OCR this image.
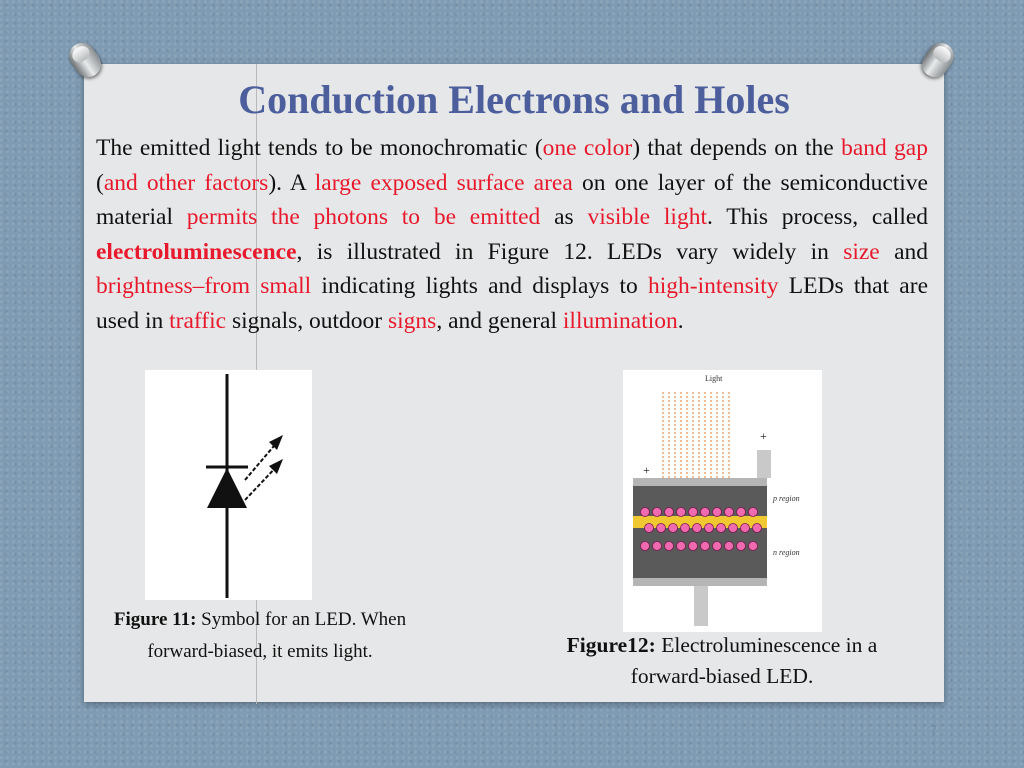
Conduction Electrons and Holes

The emitted light tends to be monochromatic (one color) that depends on the band gap (and other factors). A large exposed surface area on one layer of the semiconductive material permits the photons to be emitted as visible light. This process, called electroluminescence, is illustrated in Figure 12. LEDs vary widely in size and brightness–from small indicating lights and displays to high-intensity LEDs that are used in traffic signals, outdoor signs, and general illumination.

Light
+
+
p region
n region

Figure 11: Symbol for an LED. When forward-biased, it emits light.	Figure12: Electroluminescence in a forward-biased LED.

7
